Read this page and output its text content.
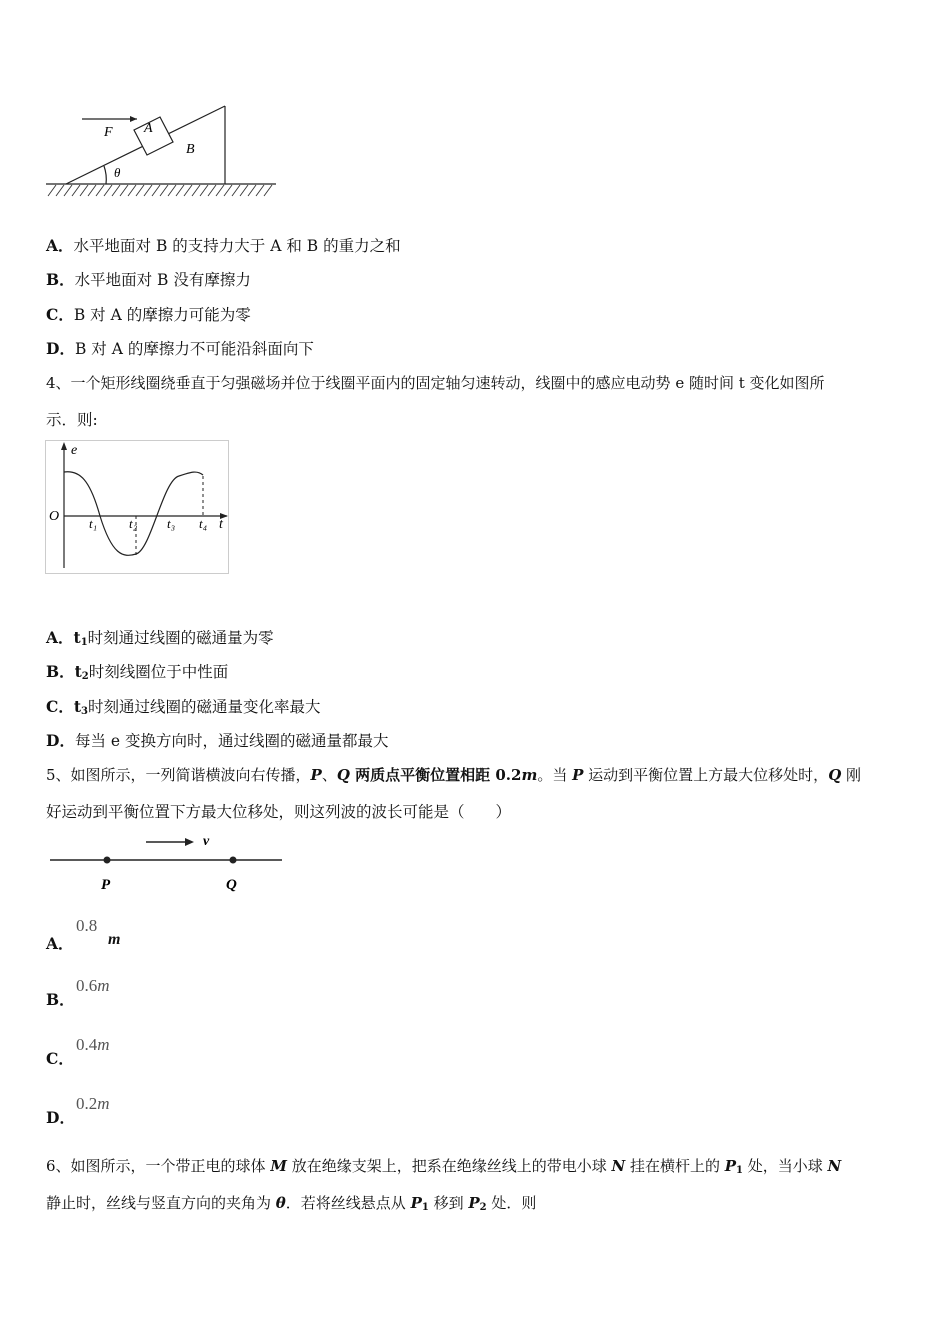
F A
B
θ
A．水平地面对 B 的支持力大于 A 和 B 的重力之和
B．水平地面对 B 没有摩擦力
C．B 对 A 的摩擦力可能为零
D．B 对 A 的摩擦力不可能沿斜面向下
4、一个矩形线圈绕垂直于匀强磁场并位于线圈平面内的固定轴匀速转动，线圈中的感应电动势 e 随时间 t 变化如图所
示．则:
e
O t₁ t₂ t₃ t₄ t
A．$t_1$时刻通过线圈的磁通量为零
B．$t_2$时刻线圈位于中性面
C．$t_3$时刻通过线圈的磁通量变化率最大
D．每当 e 变换方向时，通过线圈的磁通量都最大
5、如图所示，一列简谐横波向右传播，P、Q 两质点平衡位置相距 0.2m。当 P 运动到平衡位置上方最大位移处时，Q 刚
好运动到平衡位置下方最大位移处，则这列波的波长可能是（　　）
v
P	Q
A．
0.8
m
B．
0.6m
C．
0.4m
D．
0.2m
6、如图所示，一个带正电的球体 M 放在绝缘支架上，把系在绝缘丝线上的带电小球 N 挂在横杆上的 $P_1$ 处，当小球 N
静止时，丝线与竖直方向的夹角为 θ．若将丝线悬点从 $P_1$ 移到 $P_2$ 处．则
